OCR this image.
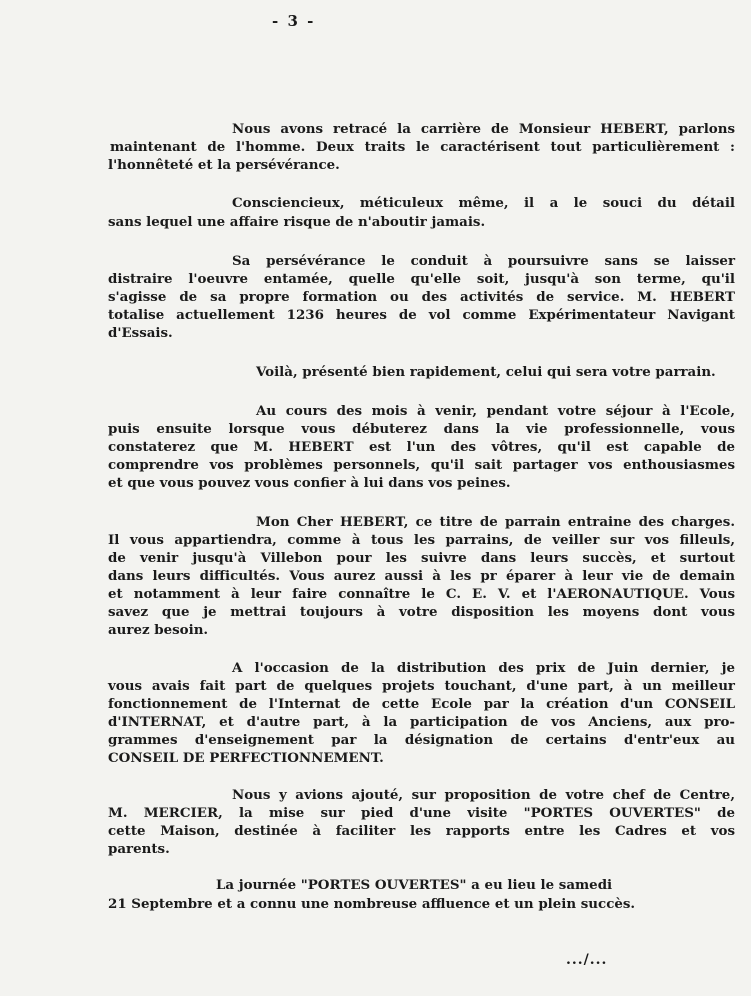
- 3 -
Nous avons retracé la carrière de Monsieur HEBERT, parlons
maintenant de l'homme. Deux traits le caractérisent tout particulièrement :
l'honnêteté et la persévérance.
Consciencieux, méticuleux même, il a le souci du détail
sans lequel une affaire risque de n'aboutir jamais.
Sa persévérance le conduit à poursuivre sans se laisser
distraire l'oeuvre entamée, quelle qu'elle soit, jusqu'à son terme, qu'il
s'agisse de sa propre formation ou des activités de service. M. HEBERT
totalise actuellement 1236 heures de vol comme Expérimentateur Navigant
d'Essais.
Voilà, présenté bien rapidement, celui qui sera votre parrain.
Au cours des mois à venir, pendant votre séjour à l'Ecole,
puis ensuite lorsque vous débuterez dans la vie professionnelle, vous
constaterez que M. HEBERT est l'un des vôtres, qu'il est capable de
comprendre vos problèmes personnels, qu'il sait partager vos enthousiasmes
et que vous pouvez vous confier à lui dans vos peines.
Mon Cher HEBERT, ce titre de parrain entraine des charges.
Il vous appartiendra, comme à tous les parrains, de veiller sur vos filleuls,
de venir jusqu'à Villebon pour les suivre dans leurs succès, et surtout
dans leurs difficultés. Vous aurez aussi à les pr éparer à leur vie de demain
et notamment à leur faire connaître le C. E. V. et l'AERONAUTIQUE. Vous
savez que je mettrai toujours à votre disposition les moyens dont vous
aurez besoin.
A l'occasion de la distribution des prix de Juin dernier, je
vous avais fait part de quelques projets touchant, d'une part, à un meilleur
fonctionnement de l'Internat de cette Ecole par la création d'un CONSEIL
d'INTERNAT, et d'autre part, à la participation de vos Anciens, aux pro-
grammes d'enseignement par la désignation de certains d'entr'eux au
CONSEIL DE PERFECTIONNEMENT.
Nous y avions ajouté, sur proposition de votre chef de Centre,
M. MERCIER, la mise sur pied d'une visite "PORTES OUVERTES" de
cette Maison, destinée à faciliter les rapports entre les Cadres et vos
parents.
La journée "PORTES OUVERTES" a eu lieu le samedi
21 Septembre et a connu une nombreuse affluence et un plein succès.
.../...
